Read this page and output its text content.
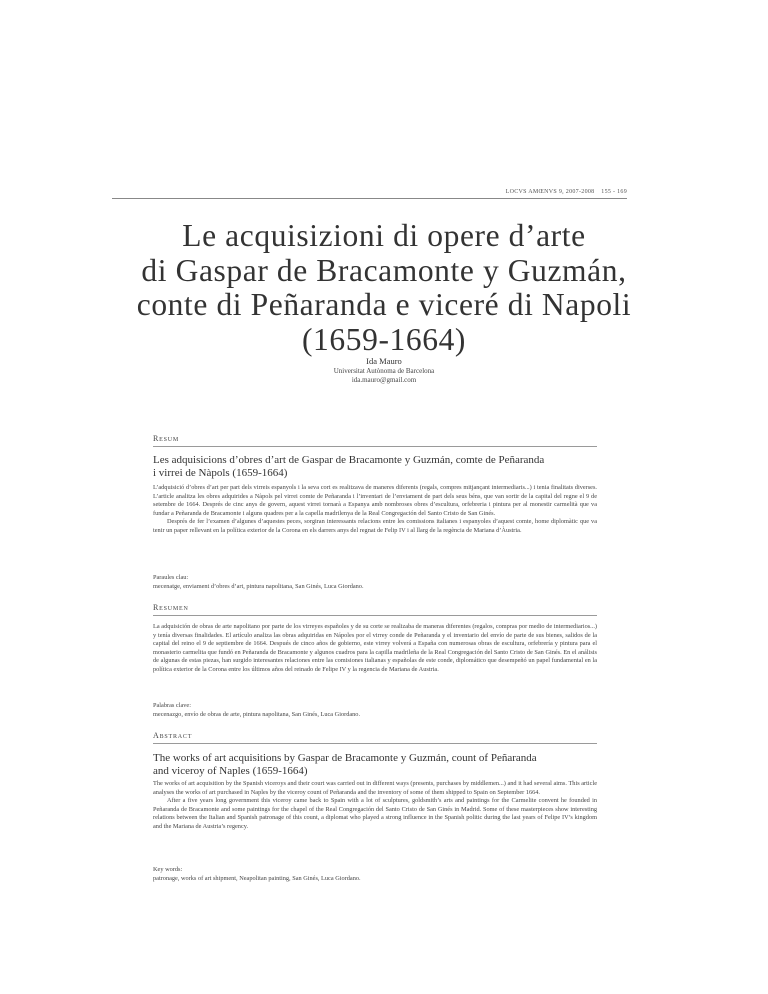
LOCVS AMŒNVS 9, 2007-2008 155 - 169
Le acquisizioni di opere d’arte
di Gaspar de Bracamonte y Guzmán,
conte di Peñaranda e viceré di Napoli
(1659-1664)
Ida Mauro
Universitat Autònoma de Barcelona
ida.mauro@gmail.com
Resum
Les adquisicions d’obres d’art de Gaspar de Bracamonte y Guzmán, comte de Peñaranda
i virrei de Nàpols (1659-1664)

L’adquisició d’obres d’art per part dels virreis espanyols i la seva cort es realitzava de maneres diferents (regals, compres mitjançant intermediaris...) i tenia finalitats diverses. L’article analitza les obres adquirides a Nàpols pel virrei comte de Peñaranda i l’inventari de l’enviament de part dels seus béns, que van sortir de la capital del regne el 9 de setembre de 1664. Després de cinc anys de govern, aquest virrei tornarà a Espanya amb nombroses obres d’escultura, orfebreria i pintura per al monestir carmelità que va fundar a Peñaranda de Bracamonte i alguns quadres per a la capella madrilenya de la Real Congregación del Santo Cristo de San Ginés.

Després de fer l’examen d’algunes d’aquestes peces, sorgiran interessants relacions entre les comissions italianes i espanyoles d’aquest comte, home diplomàtic que va tenir un paper rellevant en la política exterior de la Corona en els darrers anys del regnat de Felip IV i al llarg de la regència de Mariana d’Àustria.

Paraules clau:
mecenatge, enviament d’obres d’art, pintura napolitana, San Ginés, Luca Giordano.
Resumen

La adquisición de obras de arte napolitano por parte de los virreyes españoles y de su corte se realizaba de maneras diferentes (regalos, compras por medio de intermediarios...) y tenía diversas finalidades. El artículo analiza las obras adquiridas en Nápoles por el virrey conde de Peñaranda y el inventario del envío de parte de sus bienes, salidos de la capital del reino el 9 de septiembre de 1664. Después de cinco años de gobierno, este virrey volverá a España con numerosas obras de escultura, orfebrería y pintura para el monasterio carmelita que fundó en Peñaranda de Bracamonte y algunos cuadros para la capilla madrileña de la Real Congregación del Santo Cristo de San Ginés. En el análisis de algunas de estas piezas, han surgido interesantes relaciones entre las comisiones italianas y españolas de este conde, diplomático que desempeñó un papel fundamental en la política exterior de la Corona entre los últimos años del reinado de Felipe IV y la regencia de Mariana de Austria.

Palabras clave:
mecenazgo, envío de obras de arte, pintura napolitana, San Ginés, Luca Giordano.
Abstract
The works of art acquisitions by Gaspar de Bracamonte y Guzmán, count of Peñaranda
and viceroy of Naples (1659-1664)

The works of art acquisition by the Spanish viceroys and their court was carried out in different ways (presents, purchases by middlemen...) and it had several aims. This article analyses the works of art purchased in Naples by the viceroy count of Peñaranda and the inventory of some of them shipped to Spain on September 1664.

After a five years long government this viceroy came back to Spain with a lot of sculptures, goldsmith’s arts and paintings for the Carmelite convent he founded in Peñaranda de Bracamonte and some paintings for the chapel of the Real Congregación del Santo Cristo de San Ginés in Madrid. Some of these masterpieces show interesting relations between the Italian and Spanish patronage of this count, a diplomat who played a strong influence in the Spanish politic during the last years of Felipe IV’s kingdom and the Mariana de Austria’s regency.

Key words:
patronage, works of art shipment, Neapolitan painting, San Ginés, Luca Giordano.
